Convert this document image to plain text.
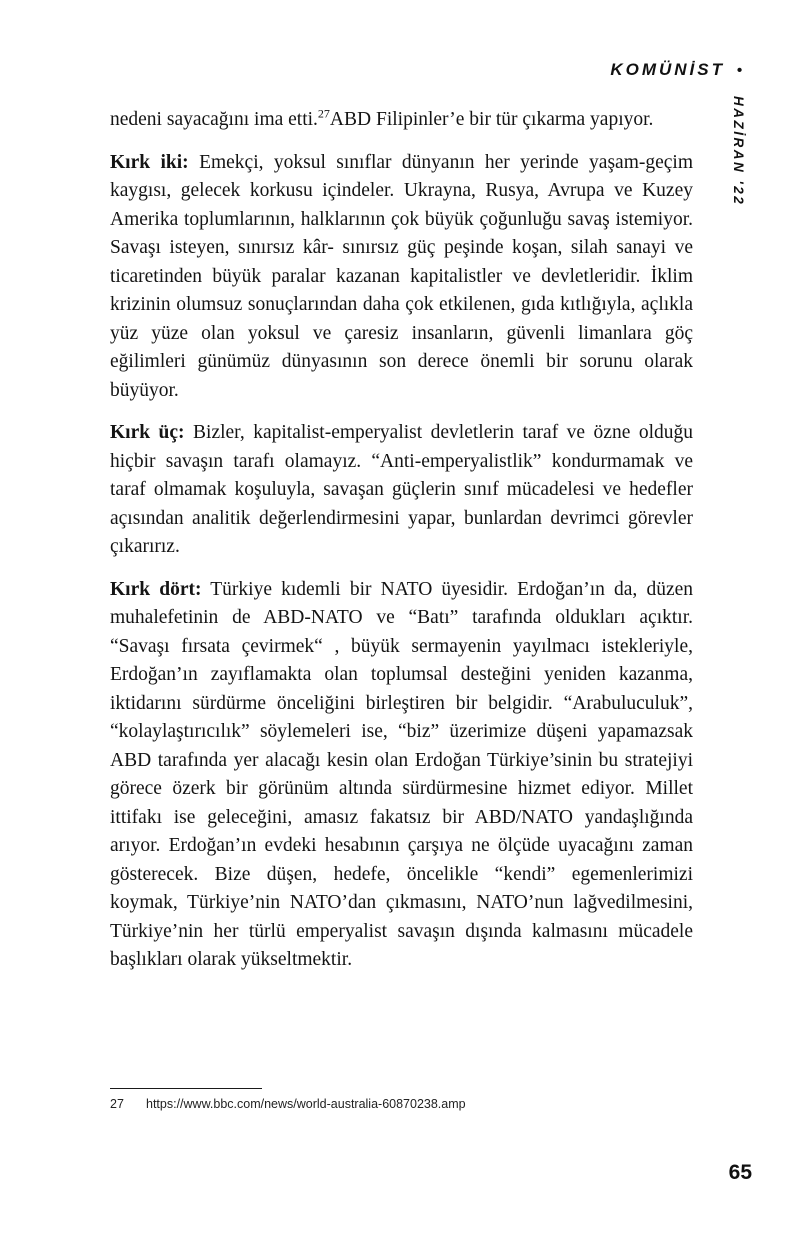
KOMÜNİST •
HAZİRAN '22

nedeni sayacağını ima etti.$^{27}$ABD Filipinler’e bir tür çıkarma yapıyor.

Kırk iki: Emekçi, yoksul sınıflar dünyanın her yerinde yaşam-geçim kaygısı, gelecek korkusu içindeler. Ukrayna, Rusya, Avrupa ve Kuzey Amerika toplumlarının, halklarının çok büyük çoğunluğu savaş istemiyor. Savaşı isteyen, sınırsız kâr- sınırsız güç peşinde koşan, silah sanayi ve ticaretinden büyük paralar kazanan kapitalistler ve devletleridir. İklim krizinin olumsuz sonuçlarından daha çok etkilenen, gıda kıtlığıyla, açlıkla yüz yüze olan yoksul ve çaresiz insanların, güvenli limanlara göç eğilimleri günümüz dünyasının son derece önemli bir sorunu olarak büyüyor.

Kırk üç: Bizler, kapitalist-emperyalist devletlerin taraf ve özne olduğu hiçbir savaşın tarafı olamayız. “Anti-emperyalistlik” kondurmamak ve taraf olmamak koşuluyla, savaşan güçlerin sınıf mücadelesi ve hedefler açısından analitik değerlendirmesini yapar, bunlardan devrimci görevler çıkarırız.

Kırk dört: Türkiye kıdemli bir NATO üyesidir. Erdoğan’ın da, düzen muhalefetinin de ABD-NATO ve “Batı” tarafında oldukları açıktır. “Savaşı fırsata çevirmek“ , büyük sermayenin yayılmacı istekleriyle, Erdoğan’ın zayıflamakta olan toplumsal desteğini yeniden kazanma, iktidarını sürdürme önceliğini birleştiren bir belgidir. “Arabuluculuk”, “kolaylaştırıcılık” söylemeleri ise, “biz” üzerimize düşeni yapamazsak ABD tarafında yer alacağı kesin olan Erdoğan Türkiye’sinin bu stratejiyi görece özerk bir görünüm altında sürdürmesine hizmet ediyor. Millet ittifakı ise geleceğini, amasız fakatsız bir ABD/NATO yandaşlığında arıyor. Erdoğan’ın evdeki hesabının çarşıya ne ölçüde uyacağını zaman gösterecek. Bize düşen, hedefe, öncelikle “kendi” egemenlerimizi koymak, Türkiye’nin NATO’dan çıkmasını, NATO’nun lağvedilmesini, Türkiye’nin her türlü emperyalist savaşın dışında kalmasını mücadele başlıkları olarak yükseltmektir.

27 https://www.bbc.com/news/world-australia-60870238.amp
65
